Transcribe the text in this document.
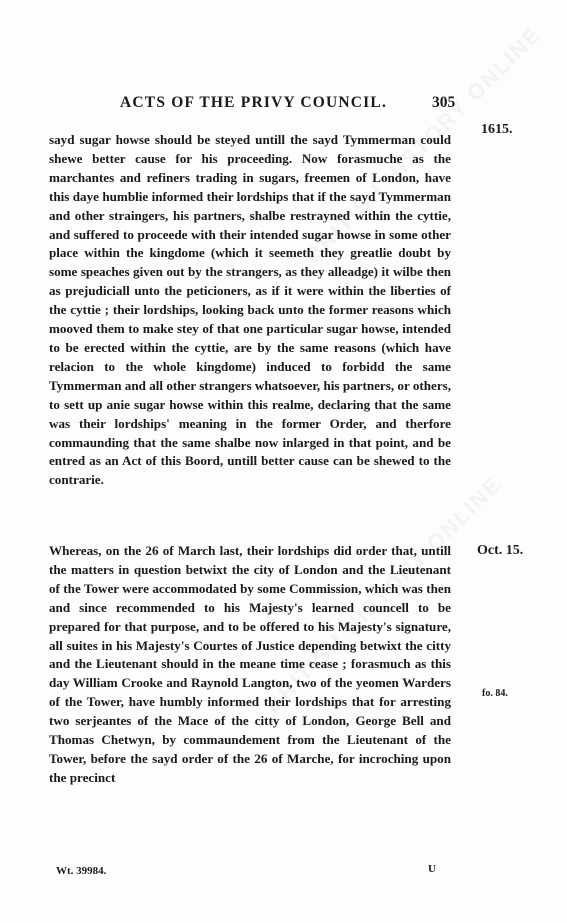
ACTS OF THE PRIVY COUNCIL.	305
1615.
sayd sugar howse should be steyed untill the sayd Tymmerman could shewe better cause for his proceeding. Now forasmuche as the marchantes and refiners trading in sugars, freemen of London, have this daye humblie informed their lordships that if the sayd Tymmerman and other straingers, his partners, shalbe restrayned within the cyttie, and suffered to proceede with their intended sugar howse in some other place within the kingdome (which it seemeth they greatlie doubt by some speaches given out by the strangers, as they alleadge) it wilbe then as prejudiciall unto the peticioners, as if it were within the liberties of the cyttie ; their lordships, looking back unto the former reasons which mooved them to make stey of that one particular sugar howse, intended to be erected within the cyttie, are by the same reasons (which have relacion to the whole kingdome) induced to forbidd the same Tymmerman and all other strangers whatsoever, his partners, or others, to sett up anie sugar howse within this realme, declaring that the same was their lordships' meaning in the former Order, and therfore commaunding that the same shalbe now inlarged in that point, and be entred as an Act of this Boord, untill better cause can be shewed to the contrarie.
Oct. 15.
Whereas, on the 26 of March last, their lordships did order that, untill the matters in question betwixt the city of London and the Lieutenant of the Tower were accommodated by some Commission, which was then and since recommended to his Majesty's learned councell to be prepared for that purpose, and to be offered to his Majesty's signature, all suites in his Majesty's Courtes of Justice depending betwixt the citty and the Lieutenant should in the meane time cease ; forasmuch as this day William Crooke and Raynold Langton, two of the yeomen Warders of the Tower, have humbly informed their lordships that for arresting two serjeantes of the Mace of the citty of London, George Bell and Thomas Chetwyn, by commaundement from the Lieutenant of the Tower, before the sayd order of the 26 of Marche, for incroching upon the precinct
fo. 84.
Wt. 39984.	U
